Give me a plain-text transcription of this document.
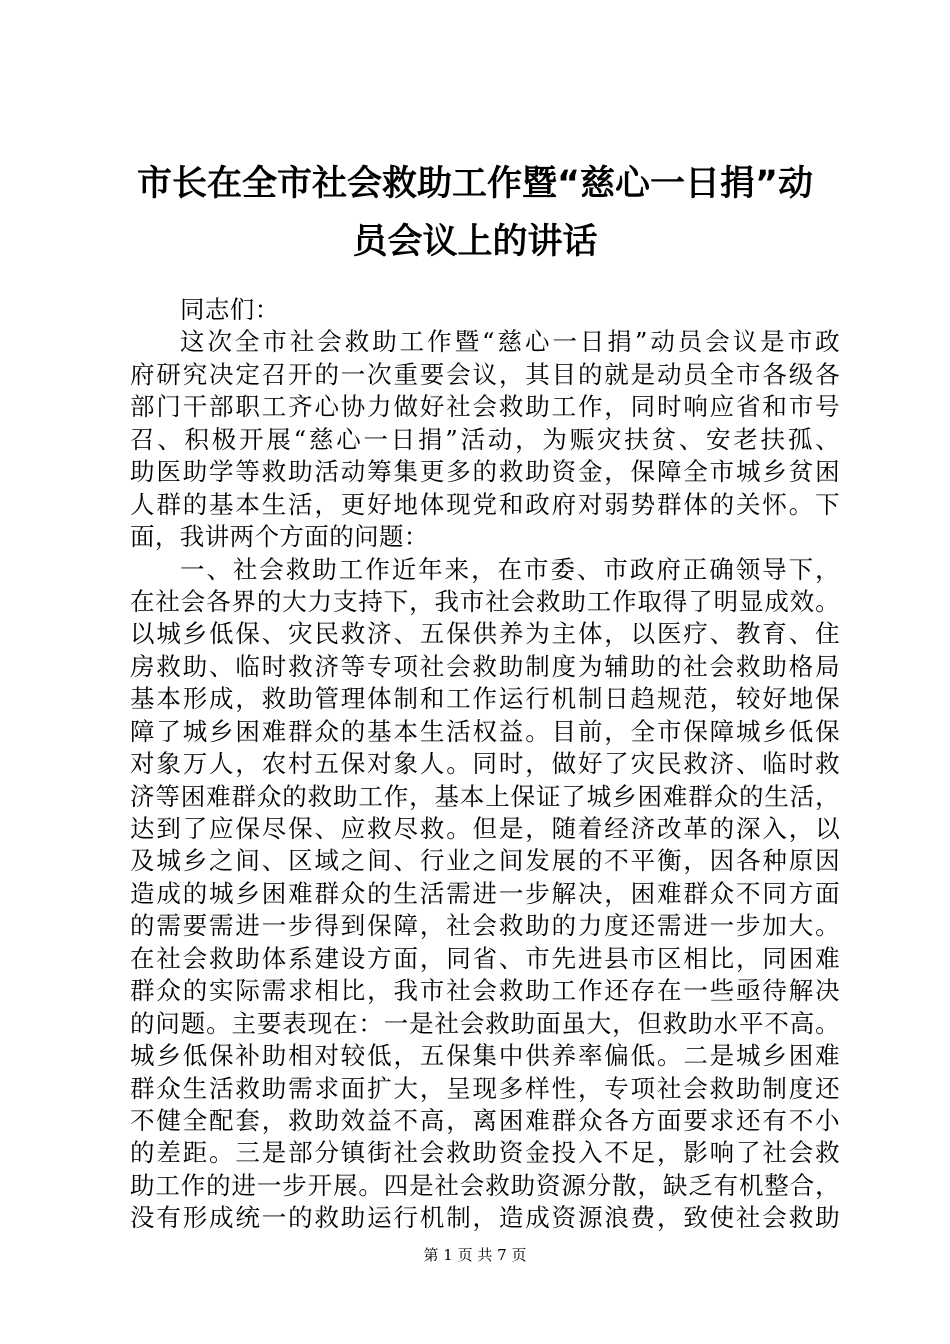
市长在全市社会救助工作暨“慈心一日捐”动
员会议上的讲话
同志们：
这次全市社会救助工作暨“慈心一日捐”动员会议是市政
府研究决定召开的一次重要会议，其目的就是动员全市各级各
部门干部职工齐心协力做好社会救助工作，同时响应省和市号
召、积极开展“慈心一日捐”活动，为赈灾扶贫、安老扶孤、
助医助学等救助活动筹集更多的救助资金，保障全市城乡贫困
人群的基本生活，更好地体现党和政府对弱势群体的关怀。下
面，我讲两个方面的问题：
一、社会救助工作近年来，在市委、市政府正确领导下，
在社会各界的大力支持下，我市社会救助工作取得了明显成效。
以城乡低保、灾民救济、五保供养为主体，以医疗、教育、住
房救助、临时救济等专项社会救助制度为辅助的社会救助格局
基本形成，救助管理体制和工作运行机制日趋规范，较好地保
障了城乡困难群众的基本生活权益。目前，全市保障城乡低保
对象万人，农村五保对象人。同时，做好了灾民救济、临时救
济等困难群众的救助工作，基本上保证了城乡困难群众的生活，
达到了应保尽保、应救尽救。但是，随着经济改革的深入，以
及城乡之间、区域之间、行业之间发展的不平衡，因各种原因
造成的城乡困难群众的生活需进一步解决，困难群众不同方面
的需要需进一步得到保障，社会救助的力度还需进一步加大。
在社会救助体系建设方面，同省、市先进县市区相比，同困难
群众的实际需求相比，我市社会救助工作还存在一些亟待解决
的问题。主要表现在：一是社会救助面虽大，但救助水平不高。
城乡低保补助相对较低，五保集中供养率偏低。二是城乡困难
群众生活救助需求面扩大，呈现多样性，专项社会救助制度还
不健全配套，救助效益不高，离困难群众各方面要求还有不小
的差距。三是部分镇街社会救助资金投入不足，影响了社会救
助工作的进一步开展。四是社会救助资源分散，缺乏有机整合，
没有形成统一的救助运行机制，造成资源浪费，致使社会救助
第 1 页 共 7 页
